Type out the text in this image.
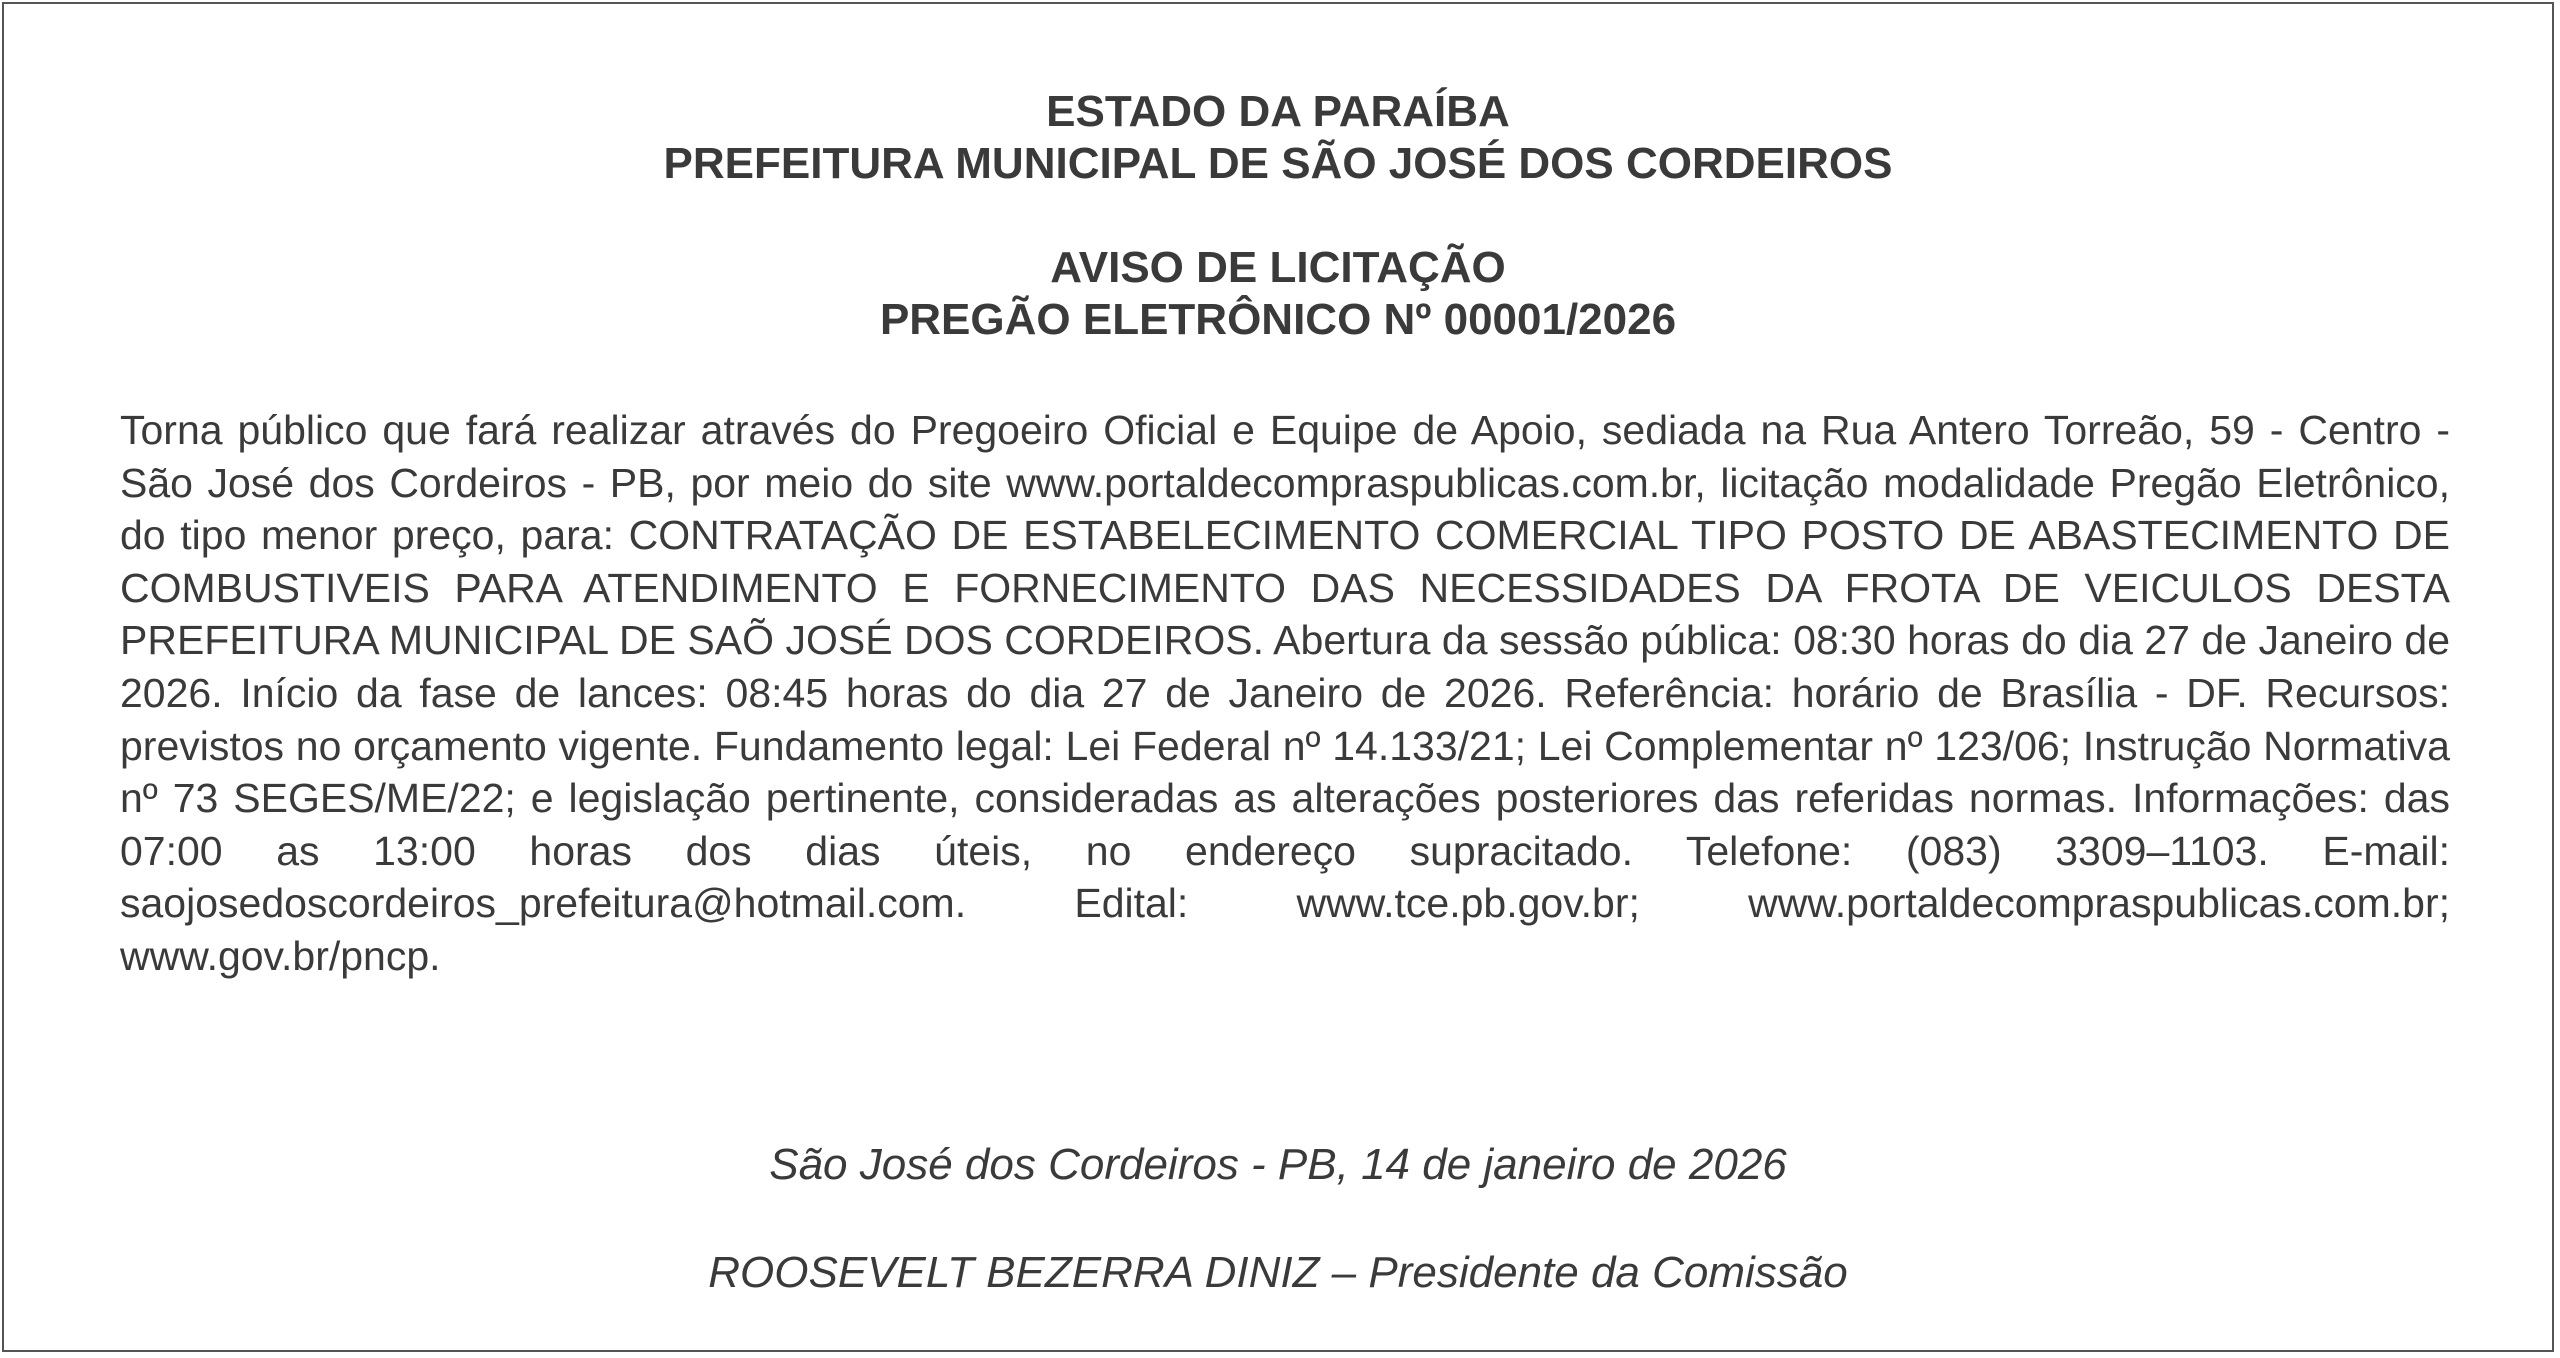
ESTADO DA PARAÍBA
PREFEITURA MUNICIPAL DE SÃO JOSÉ DOS CORDEIROS
AVISO DE LICITAÇÃO
PREGÃO ELETRÔNICO Nº 00001/2026
Torna público que fará realizar através do Pregoeiro Oficial e Equipe de Apoio, sediada na Rua Antero Torreão, 59 - Centro - São José dos Cordeiros - PB, por meio do site www.portaldecompraspublicas.com.br, licitação modalidade Pregão Eletrônico, do tipo menor preço, para: CONTRATAÇÃO DE ESTABELECIMENTO COMERCIAL TIPO POSTO DE ABASTECIMENTO DE COMBUSTIVEIS PARA ATENDIMENTO E FORNECIMENTO DAS NECESSIDADES DA FROTA DE VEICULOS DESTA PREFEITURA MUNICIPAL DE SAÕ JOSÉ DOS CORDEIROS. Abertura da sessão pública: 08:30 horas do dia 27 de Janeiro de 2026. Início da fase de lances: 08:45 horas do dia 27 de Janeiro de 2026. Referência: horário de Brasília - DF. Recursos: previstos no orçamento vigente. Fundamento legal: Lei Federal nº 14.133/21; Lei Complementar nº 123/06; Instrução Normativa nº 73 SEGES/ME/22; e legislação pertinente, consideradas as alterações posteriores das referidas normas. Informações: das 07:00 as 13:00 horas dos dias úteis, no endereço supracitado. Telefone: (083) 3309–1103. E-mail: saojosedoscordeiros_prefeitura@hotmail.com. Edital: www.tce.pb.gov.br; www.portaldecompraspublicas.com.br; www.gov.br/pncp.
São José dos Cordeiros - PB, 14 de janeiro de 2026
ROOSEVELT BEZERRA DINIZ – Presidente da Comissão
